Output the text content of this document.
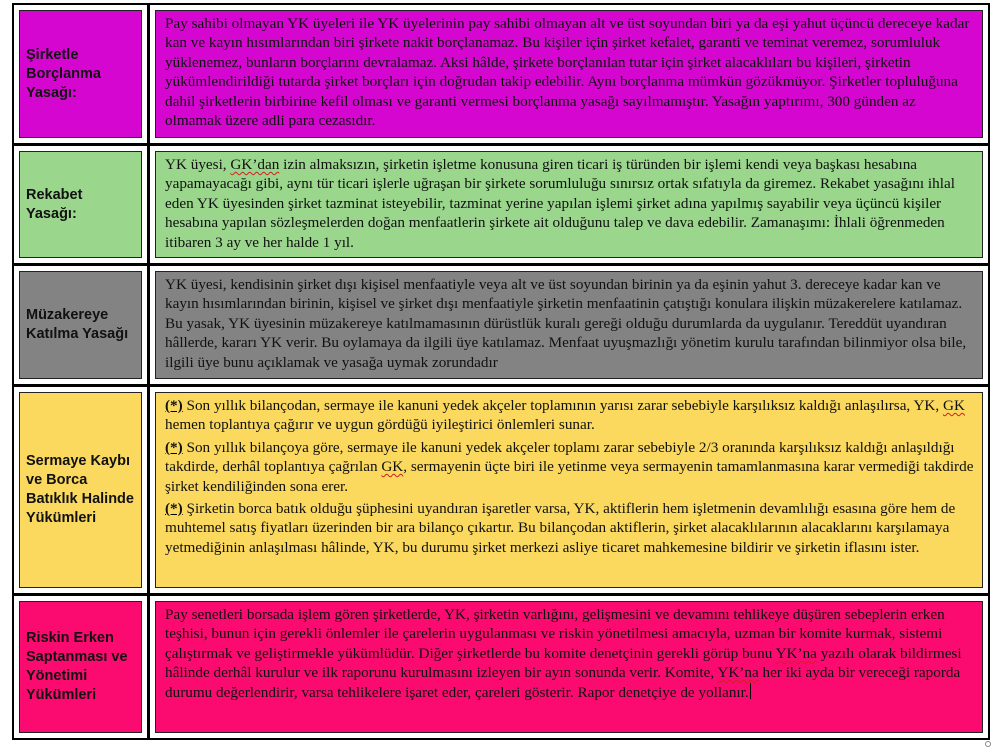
Şirketle Borçlanma Yasağı:

Pay sahibi olmayan YK üyeleri ile YK üyelerinin pay sahibi olmayan alt ve üst soyundan biri ya da eşi yahut üçüncü dereceye kadar kan ve kayın hısımlarından biri şirkete nakit borçlanamaz. Bu kişiler için şirket kefalet, garanti ve teminat veremez, sorumluluk yüklenemez, bunların borçlarını devralamaz. Aksi hâlde, şirkete borçlanılan tutar için şirket alacaklıları bu kişileri, şirketin yükümlendirildiği tutarda şirket borçları için doğrudan takip edebilir. Aynı borçlanma mümkün gözükmüyor. Şirketler topluluğuna dahil şirketlerin birbirine kefil olması ve garanti vermesi borçlanma yasağı sayılmamıştır. Yasağın yaptırımı, 300 günden az olmamak üzere adli para cezasıdır.

Rekabet Yasağı:

YK üyesi, GK’dan izin almaksızın, şirketin işletme konusuna giren ticari iş türünden bir işlemi kendi veya başkası hesabına yapamayacağı gibi, aynı tür ticari işlerle uğraşan bir şirkete sorumluluğu sınırsız ortak sıfatıyla da giremez. Rekabet yasağını ihlal eden YK üyesinden şirket tazminat isteyebilir, tazminat yerine yapılan işlemi şirket adına yapılmış sayabilir veya üçüncü kişiler hesabına yapılan sözleşmelerden doğan menfaatlerin şirkete ait olduğunu talep ve dava edebilir. Zamanaşımı: İhlali öğrenmeden itibaren 3 ay ve her halde 1 yıl.

Müzakereye Katılma Yasağı

YK üyesi, kendisinin şirket dışı kişisel menfaatiyle veya alt ve üst soyundan birinin ya da eşinin yahut 3. dereceye kadar kan ve kayın hısımlarından birinin, kişisel ve şirket dışı menfaatiyle şirketin menfaatinin çatıştığı konulara ilişkin müzakerelere katılamaz. Bu yasak, YK üyesinin müzakereye katılmamasının dürüstlük kuralı gereği olduğu durumlarda da uygulanır. Tereddüt uyandıran hâllerde, kararı YK verir. Bu oylamaya da ilgili üye katılamaz. Menfaat uyuşmazlığı yönetim kurulu tarafından bilinmiyor olsa bile, ilgili üye bunu açıklamak ve yasağa uymak zorundadır

Sermaye Kaybı ve Borca Batıklık Halinde Yükümleri

(*) Son yıllık bilançodan, sermaye ile kanuni yedek akçeler toplamının yarısı zarar sebebiyle karşılıksız kaldığı anlaşılırsa, YK, GK hemen toplantıya çağırır ve uygun gördüğü iyileştirici önlemleri sunar.

(*) Son yıllık bilançoya göre, sermaye ile kanuni yedek akçeler toplamı zarar sebebiyle 2/3 oranında karşılıksız kaldığı anlaşıldığı takdirde, derhâl toplantıya çağrılan GK, sermayenin üçte biri ile yetinme veya sermayenin tamamlanmasına karar vermediği takdirde şirket kendiliğinden sona erer.

(*) Şirketin borca batık olduğu şüphesini uyandıran işaretler varsa, YK, aktiflerin hem işletmenin devamlılığı esasına göre hem de muhtemel satış fiyatları üzerinden bir ara bilanço çıkartır. Bu bilançodan aktiflerin, şirket alacaklılarının alacaklarını karşılamaya yetmediğinin anlaşılması hâlinde, YK, bu durumu şirket merkezi asliye ticaret mahkemesine bildirir ve şirketin iflasını ister.

Riskin Erken Saptanması ve Yönetimi Yükümleri

Pay senetleri borsada işlem gören şirketlerde, YK, şirketin varlığını, gelişmesini ve devamını tehlikeye düşüren sebeplerin erken teşhisi, bunun için gerekli önlemler ile çarelerin uygulanması ve riskin yönetilmesi amacıyla, uzman bir komite kurmak, sistemi çalıştırmak ve geliştirmekle yükümlüdür. Diğer şirketlerde bu komite denetçinin gerekli görüp bunu YK’na yazılı olarak bildirmesi hâlinde derhâl kurulur ve ilk raporunu kurulmasını izleyen bir ayın sonunda verir. Komite, YK’na her iki ayda bir vereceği raporda durumu değerlendirir, varsa tehlikelere işaret eder, çareleri gösterir. Rapor denetçiye de yollanır.
